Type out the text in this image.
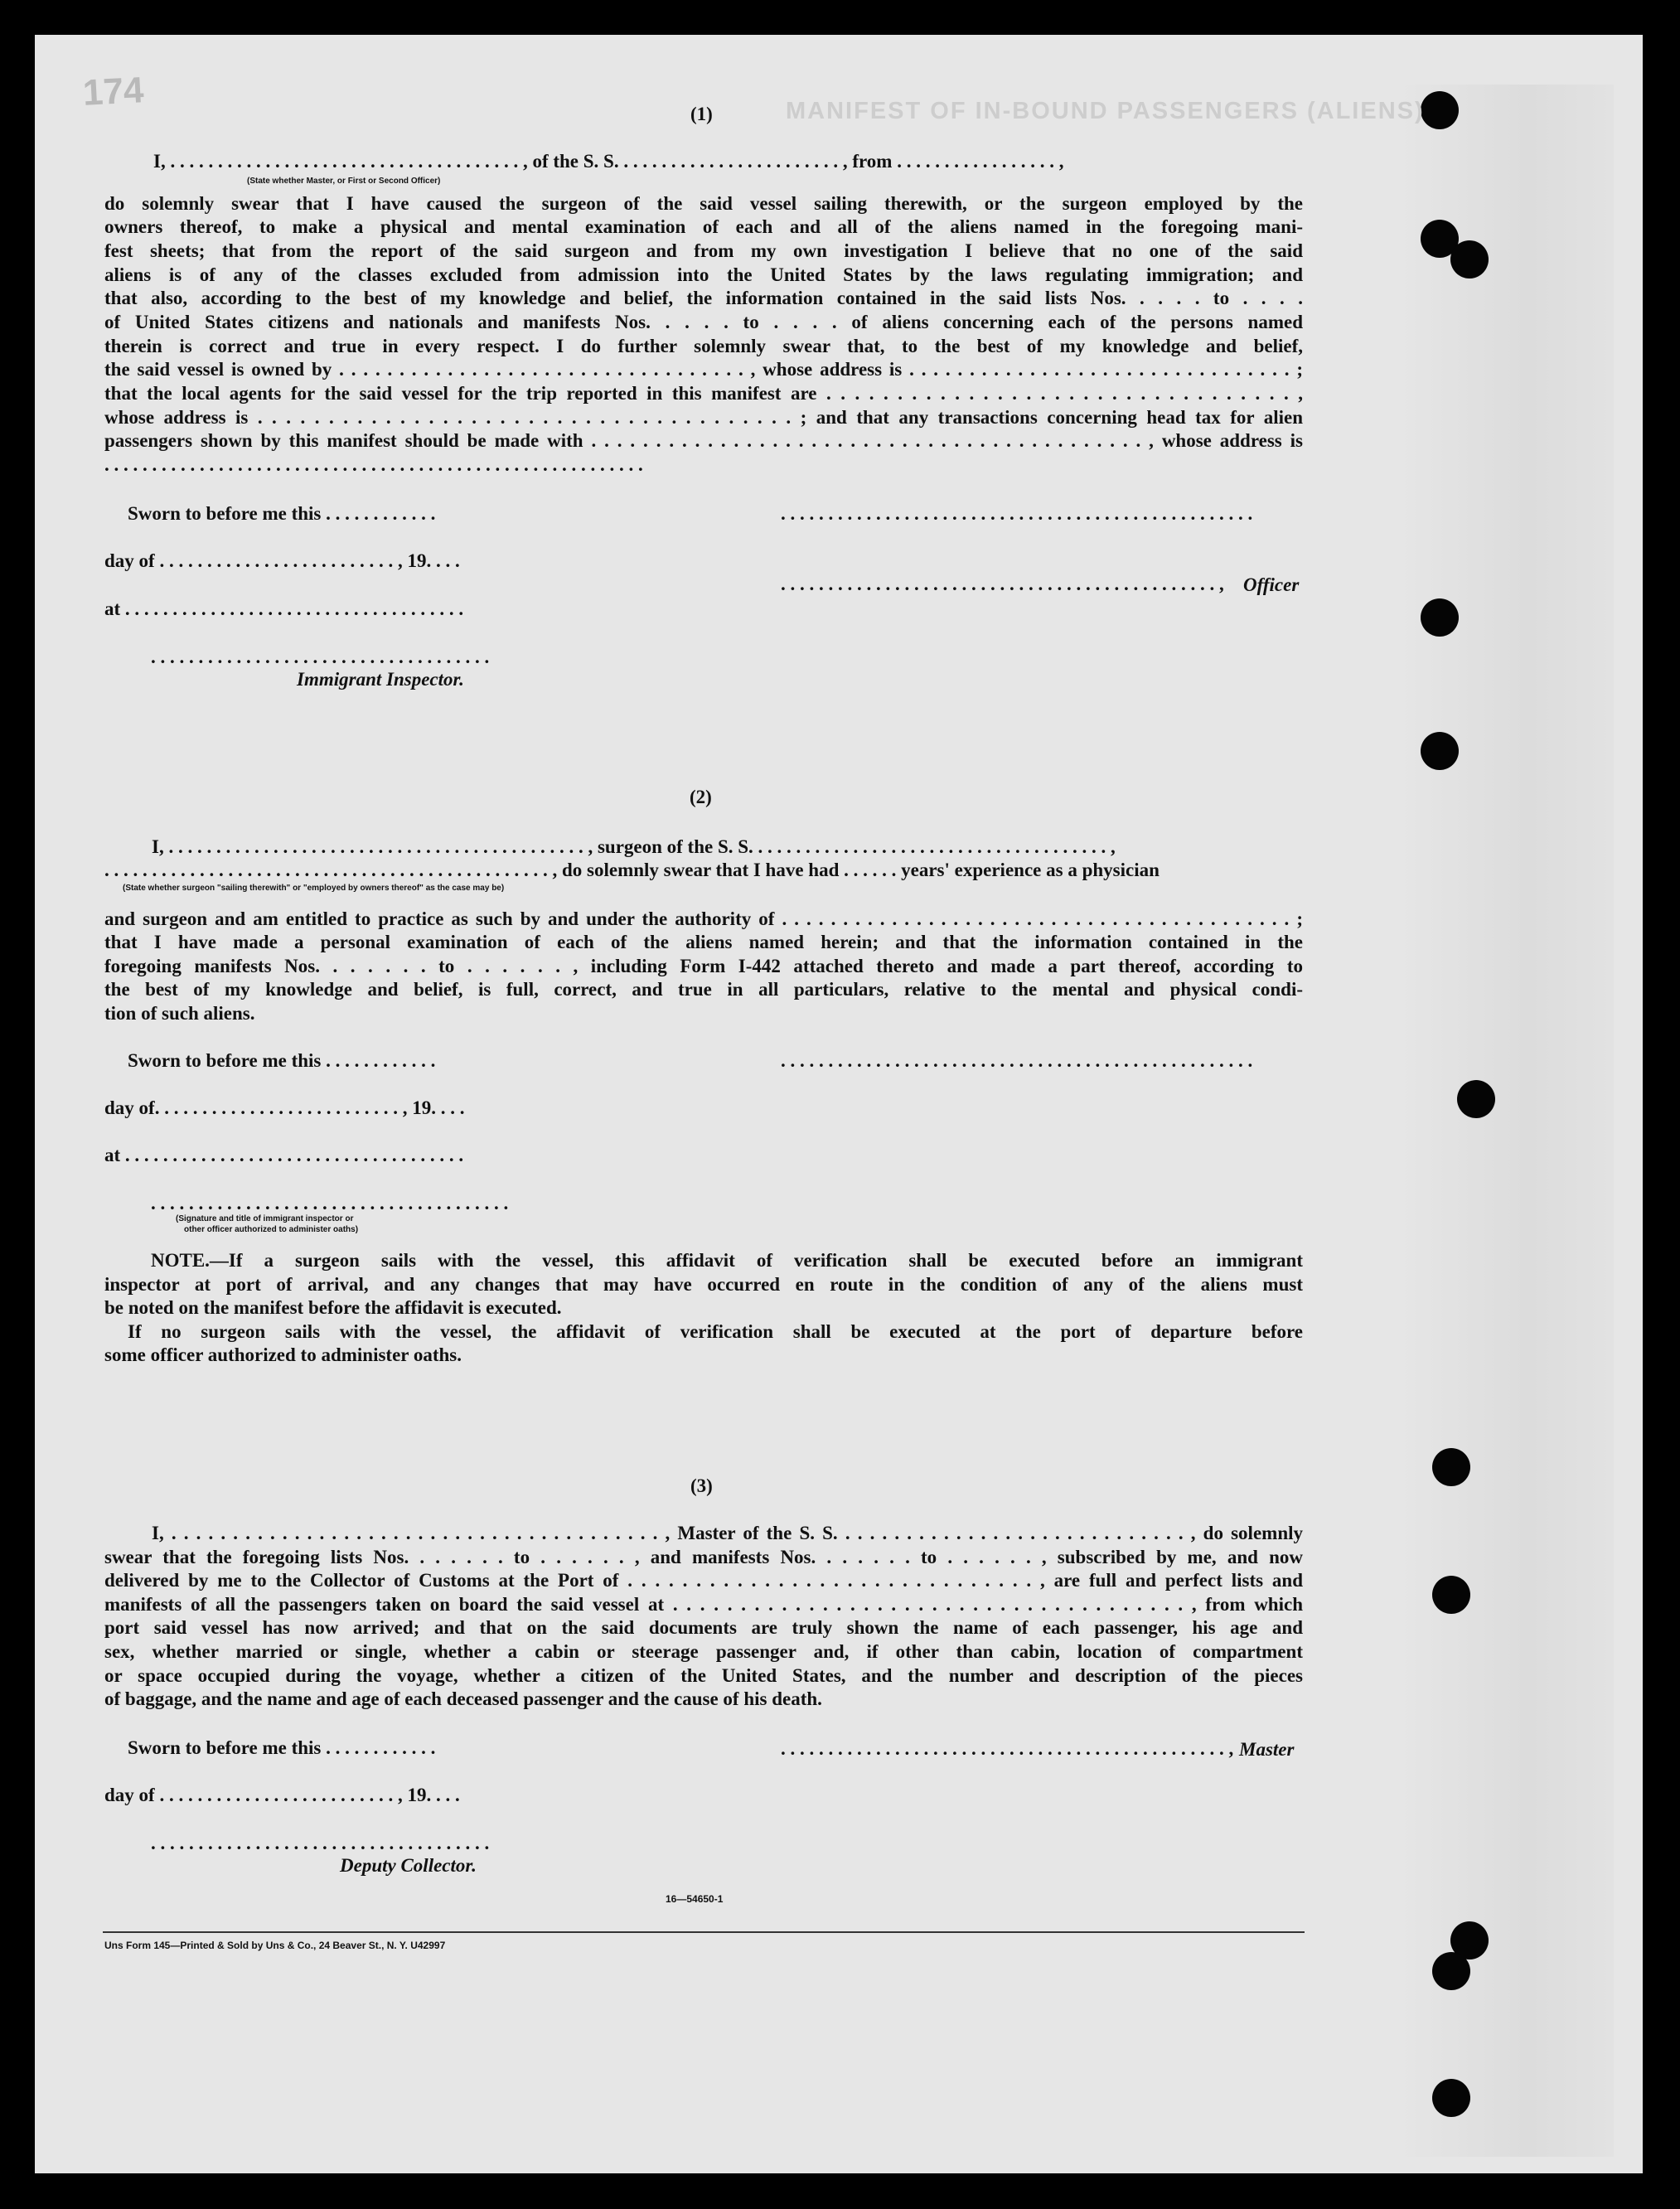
174	MANIFEST OF IN-BOUND PASSENGERS (ALIENS)
(1)
I, . . . . . . . . . . . . . . . . . . . . . . . . . . . . . . . . . . . . . , of the S. S. . . . . . . . . . . . . . . . . . . . . . . . , from . . . . . . . . . . . . . . . . . ,
(State whether Master, or First or Second Officer)
do solemnly swear that I have caused the surgeon of the said vessel sailing therewith, or the surgeon employed by the
owners thereof, to make a physical and mental examination of each and all of the aliens named in the foregoing mani-
fest sheets; that from the report of the said surgeon and from my own investigation I believe that no one of the said
aliens is of any of the classes excluded from admission into the United States by the laws regulating immigration; and
that also, according to the best of my knowledge and belief, the information contained in the said lists Nos. . . . . to . . . .
of United States citizens and nationals and manifests Nos. . . . . to . . . . of aliens concerning each of the persons named
therein is correct and true in every respect. I do further solemnly swear that, to the best of my knowledge and belief,
the said vessel is owned by . . . . . . . . . . . . . . . . . . . . . . . . . . . . . . . . . . , whose address is . . . . . . . . . . . . . . . . . . . . . . . . . . . . . . . . ;
that the local agents for the said vessel for the trip reported in this manifest are . . . . . . . . . . . . . . . . . . . . . . . . . . . . . . . . . ,
whose address is . . . . . . . . . . . . . . . . . . . . . . . . . . . . . . . . . . . . . . ; and that any transactions concerning head tax for alien
passengers shown by this manifest should be made with . . . . . . . . . . . . . . . . . . . . . . . . . . . . . . . . . . . . . . . . . . . , whose address is
. . . . . . . . . . . . . . . . . . . . . . . . . . . . . . . . . . . . . . . . . . . . . . . . . . . . . . . . .
Sworn to before me this . . . . . . . . . . . .	. . . . . . . . . . . . . . . . . . . . . . . . . . . . . . . . . . . . . . . . . . . . . . . . . .
day of . . . . . . . . . . . . . . . . . . . . . . . . . , 19. . . .
. . . . . . . . . . . . . . . . . . . . . . . . . . . . . . . . . . . . . . . . . . . . . . , Officer
at . . . . . . . . . . . . . . . . . . . . . . . . . . . . . . . . . . . .
. . . . . . . . . . . . . . . . . . . . . . . . . . . . . . . . . . . .
Immigrant Inspector.
(2)
I, . . . . . . . . . . . . . . . . . . . . . . . . . . . . . . . . . . . . . . . . . . . . , surgeon of the S. S. . . . . . . . . . . . . . . . . . . . . . . . . . . . . . . . . . . . . . ,
. . . . . . . . . . . . . . . . . . . . . . . . . . . . . . . . . . . . . . . . . . . . . . . , do solemnly swear that I have had . . . . . . years' experience as a physician
(State whether surgeon "sailing therewith" or "employed by owners thereof" as the case may be)
and surgeon and am entitled to practice as such by and under the authority of . . . . . . . . . . . . . . . . . . . . . . . . . . . . . . . . . . . . . . . . . . ;
that I have made a personal examination of each of the aliens named herein; and that the information contained in the
foregoing manifests Nos. . . . . . . to . . . . . . , including Form I-442 attached thereto and made a part thereof, according to
the best of my knowledge and belief, is full, correct, and true in all particulars, relative to the mental and physical condi-
tion of such aliens.
Sworn to before me this . . . . . . . . . . . .	. . . . . . . . . . . . . . . . . . . . . . . . . . . . . . . . . . . . . . . . . . . . . . . . . .
day of. . . . . . . . . . . . . . . . . . . . . . . . . . , 19. . . .
at . . . . . . . . . . . . . . . . . . . . . . . . . . . . . . . . . . . .
. . . . . . . . . . . . . . . . . . . . . . . . . . . . . . . . . . . . . .
(Signature and title of immigrant inspector or
other officer authorized to administer oaths)
NOTE.—If a surgeon sails with the vessel, this affidavit of verification shall be executed before an immigrant
inspector at port of arrival, and any changes that may have occurred en route in the condition of any of the aliens must
be noted on the manifest before the affidavit is executed.
If no surgeon sails with the vessel, the affidavit of verification shall be executed at the port of departure before
some officer authorized to administer oaths.
(3)
I, . . . . . . . . . . . . . . . . . . . . . . . . . . . . . . . . . . . . . . . . , Master of the S. S. . . . . . . . . . . . . . . . . . . . . . . . . . . . . , do solemnly
swear that the foregoing lists Nos. . . . . . . to . . . . . . , and manifests Nos. . . . . . . to . . . . . . , subscribed by me, and now
delivered by me to the Collector of Customs at the Port of . . . . . . . . . . . . . . . . . . . . . . . . . . . . . . , are full and perfect lists and
manifests of all the passengers taken on board the said vessel at . . . . . . . . . . . . . . . . . . . . . . . . . . . . . . . . . . . . . . , from which
port said vessel has now arrived; and that on the said documents are truly shown the name of each passenger, his age and
sex, whether married or single, whether a cabin or steerage passenger and, if other than cabin, location of compartment
or space occupied during the voyage, whether a citizen of the United States, and the number and description of the pieces
of baggage, and the name and age of each deceased passenger and the cause of his death.
Sworn to before me this . . . . . . . . . . . .	. . . . . . . . . . . . . . . . . . . . . . . . . . . . . . . . . . . . . . . . . . . . . . . , Master
day of . . . . . . . . . . . . . . . . . . . . . . . . . , 19. . . .
. . . . . . . . . . . . . . . . . . . . . . . . . . . . . . . . . . . .
Deputy Collector.
16—54650-1
Uns Form 145—Printed & Sold by Uns & Co., 24 Beaver St., N. Y. U42997
